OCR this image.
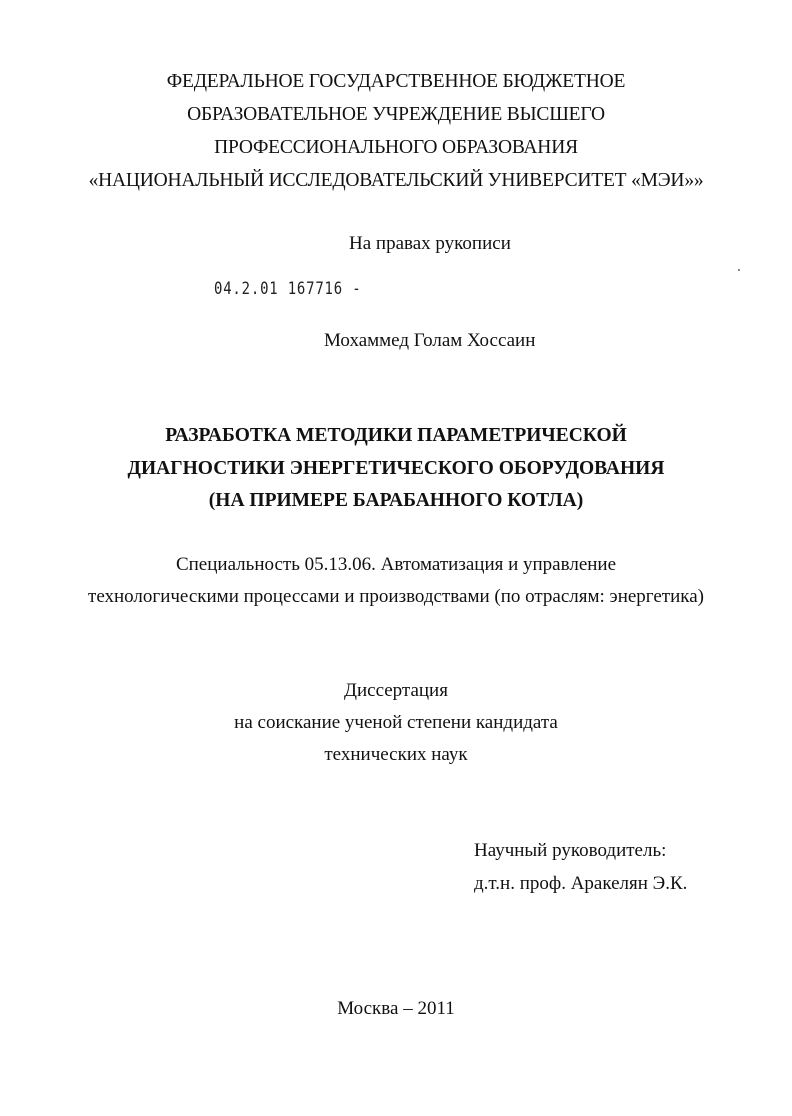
ФЕДЕРАЛЬНОЕ ГОСУДАРСТВЕННОЕ БЮДЖЕТНОЕ
ОБРАЗОВАТЕЛЬНОЕ УЧРЕЖДЕНИЕ ВЫСШЕГО
ПРОФЕССИОНАЛЬНОГО ОБРАЗОВАНИЯ
«НАЦИОНАЛЬНЫЙ ИССЛЕДОВАТЕЛЬСКИЙ УНИВЕРСИТЕТ «МЭИ»»
На правах рукописи
04.2.01 167716 -
Мохаммед Голам Хоссаин
РАЗРАБОТКА МЕТОДИКИ ПАРАМЕТРИЧЕСКОЙ
ДИАГНОСТИКИ ЭНЕРГЕТИЧЕСКОГО ОБОРУДОВАНИЯ
(НА ПРИМЕРЕ БАРАБАННОГО КОТЛА)
Специальность 05.13.06. Автоматизация и управление
технологическими процессами и производствами (по отраслям: энергетика)
Диссертация
на соискание ученой степени кандидата
технических наук
Научный руководитель:
д.т.н. проф. Аракелян Э.К.
Москва – 2011
